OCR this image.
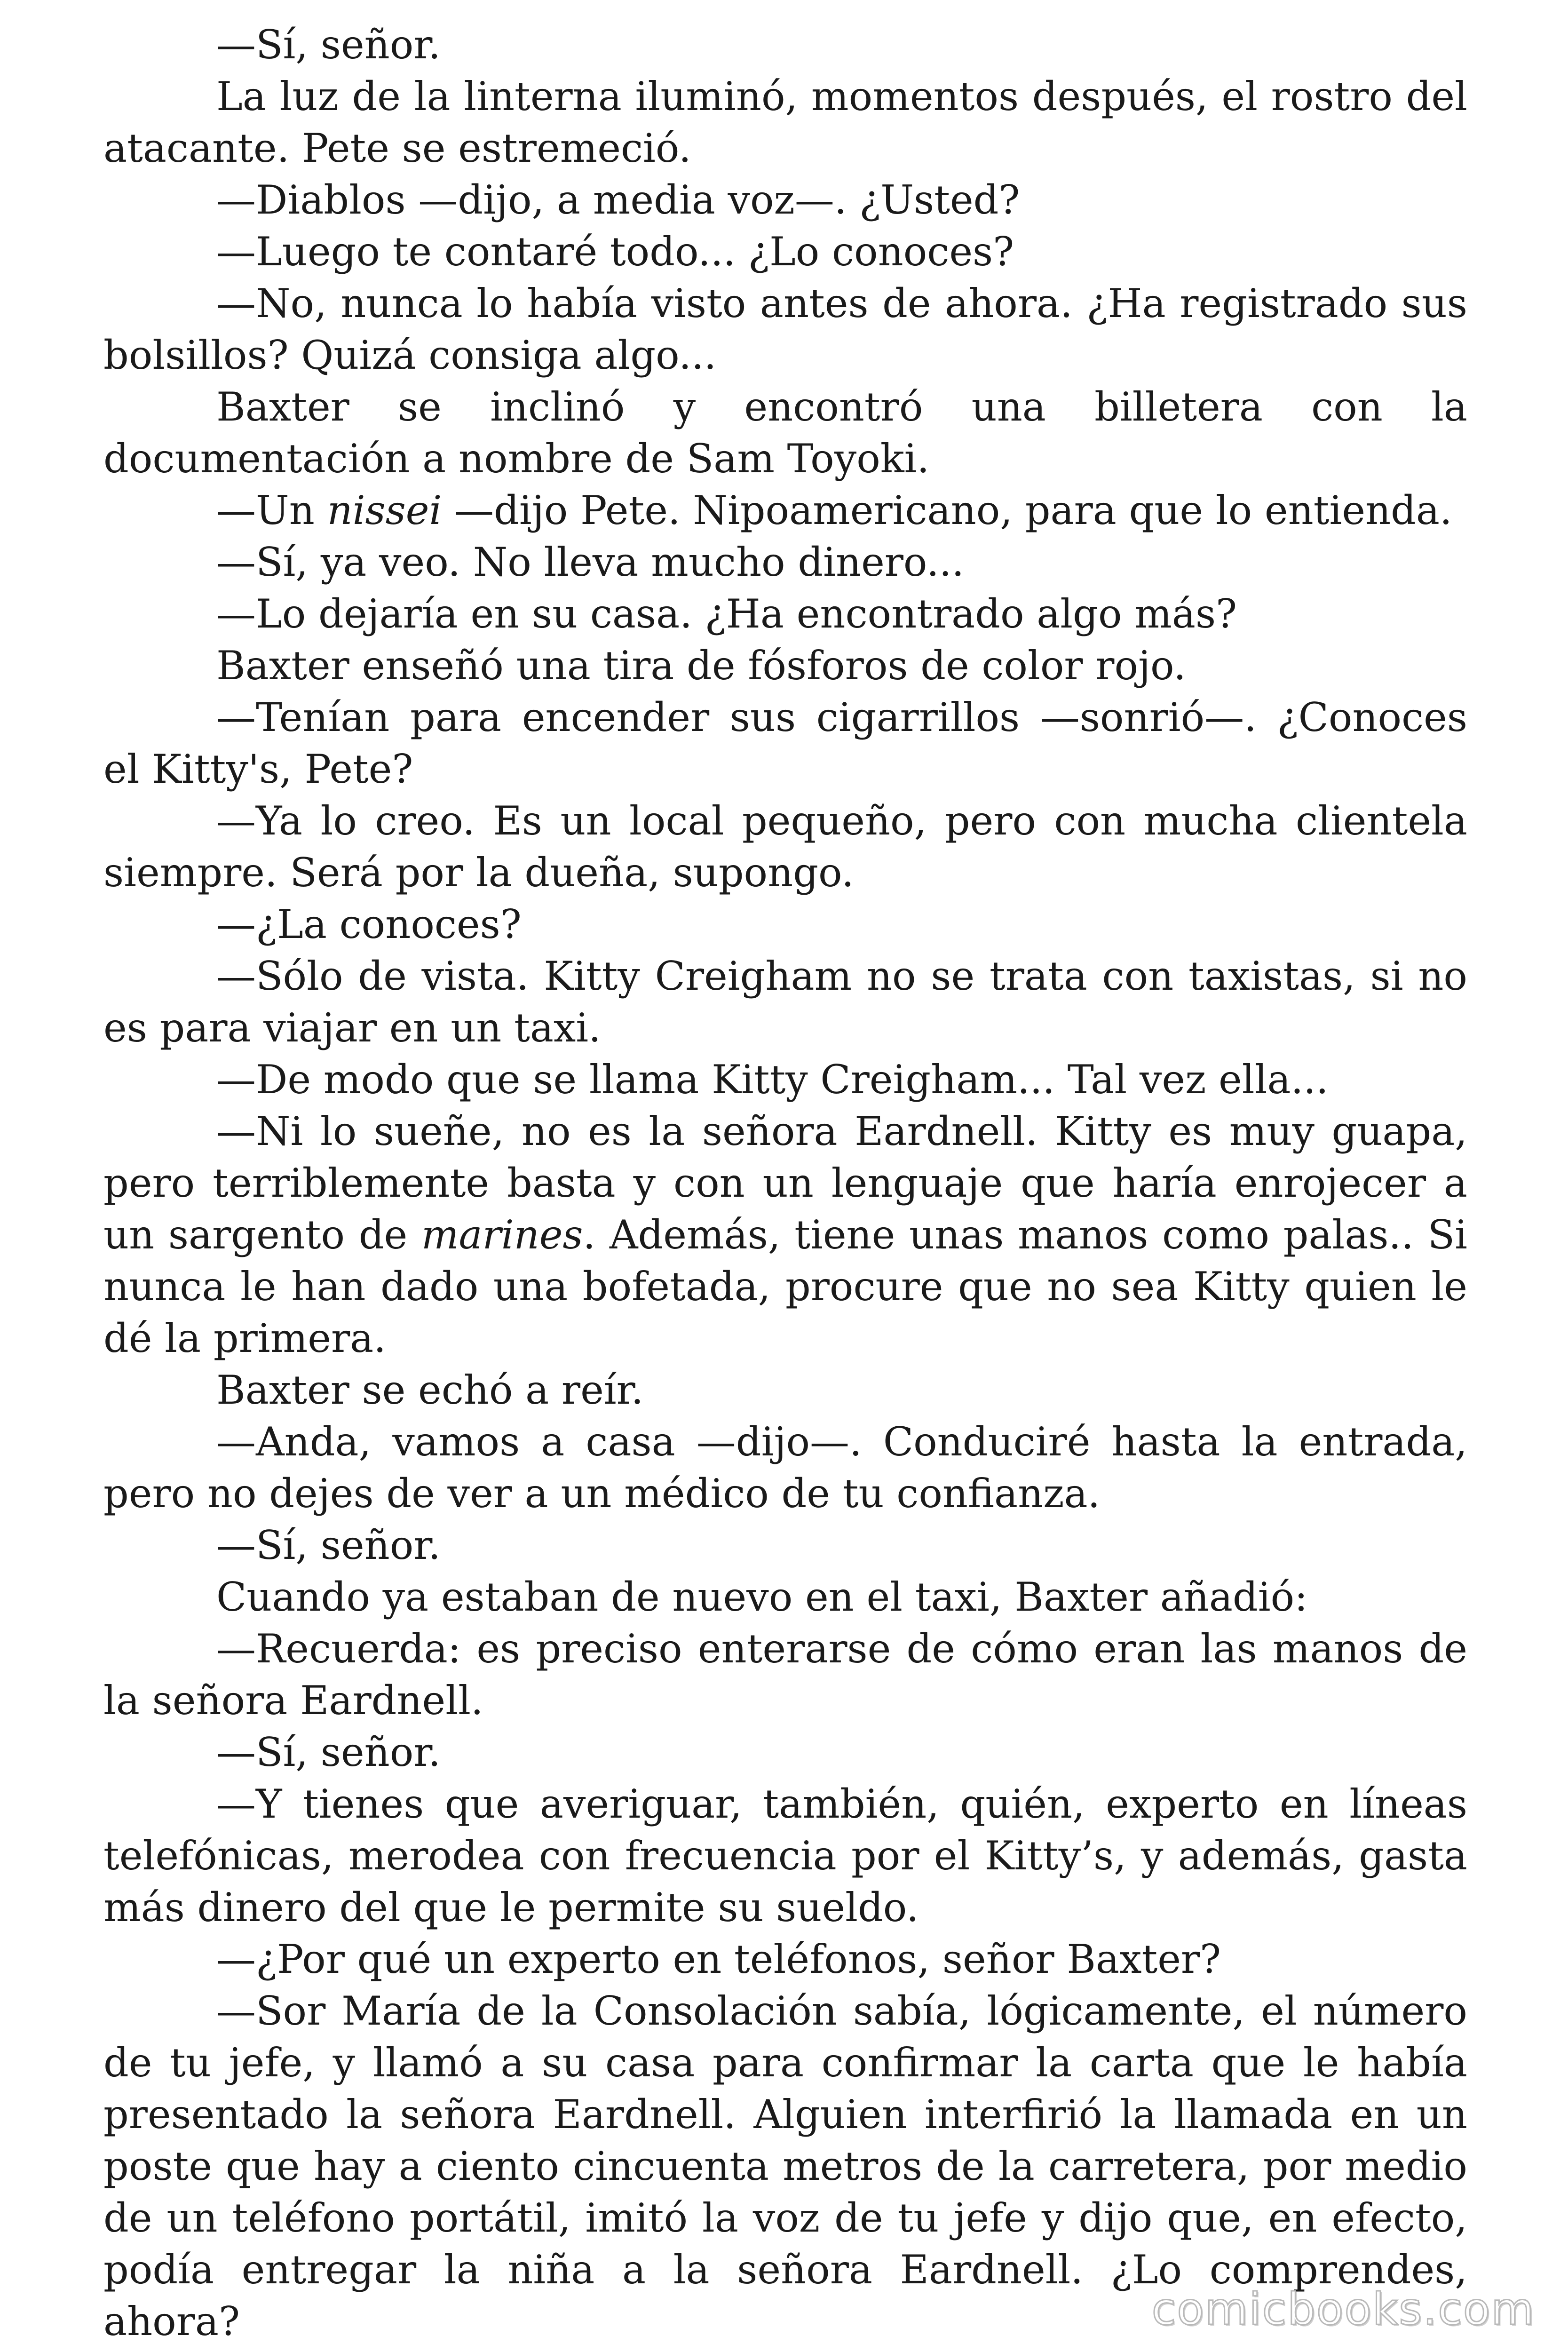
—Sí, señor.

La luz de la linterna iluminó, momentos después, el rostro del atacante. Pete se estremeció.

—Diablos —dijo, a media voz—. ¿Usted?

—Luego te contaré todo... ¿Lo conoces?

—No, nunca lo había visto antes de ahora. ¿Ha registrado sus bolsillos? Quizá consiga algo...

Baxter se inclinó y encontró una billetera con la documentación a nombre de Sam Toyoki.

—Un nissei —dijo Pete. Nipoamericano, para que lo entienda.

—Sí, ya veo. No lleva mucho dinero...

—Lo dejaría en su casa. ¿Ha encontrado algo más?

Baxter enseñó una tira de fósforos de color rojo.

—Tenían para encender sus cigarrillos —sonrió—. ¿Conoces el Kitty's, Pete?

—Ya lo creo. Es un local pequeño, pero con mucha clientela siempre. Será por la dueña, supongo.

—¿La conoces?

—Sólo de vista. Kitty Creigham no se trata con taxistas, si no es para viajar en un taxi.

—De modo que se llama Kitty Creigham... Tal vez ella...

—Ni lo sueñe, no es la señora Eardnell. Kitty es muy guapa, pero terriblemente basta y con un lenguaje que haría enrojecer a un sargento de marines. Además, tiene unas manos como palas.. Si nunca le han dado una bofetada, procure que no sea Kitty quien le dé la primera.

Baxter se echó a reír.

—Anda, vamos a casa —dijo—. Conduciré hasta la entrada, pero no dejes de ver a un médico de tu confianza.

—Sí, señor.

Cuando ya estaban de nuevo en el taxi, Baxter añadió:

—Recuerda: es preciso enterarse de cómo eran las manos de la señora Eardnell.

—Sí, señor.

—Y tienes que averiguar, también, quién, experto en líneas telefónicas, merodea con frecuencia por el Kitty’s, y además, gasta más dinero del que le permite su sueldo.

—¿Por qué un experto en teléfonos, señor Baxter?

—Sor María de la Consolación sabía, lógicamente, el número de tu jefe, y llamó a su casa para confirmar la carta que le había presentado la señora Eardnell. Alguien interfirió la llamada en un poste que hay a ciento cincuenta metros de la carretera, por medio de un teléfono portátil, imitó la voz de tu jefe y dijo que, en efecto, podía entregar la niña a la señora Eardnell. ¿Lo comprendes, ahora?	comicbooks.com
